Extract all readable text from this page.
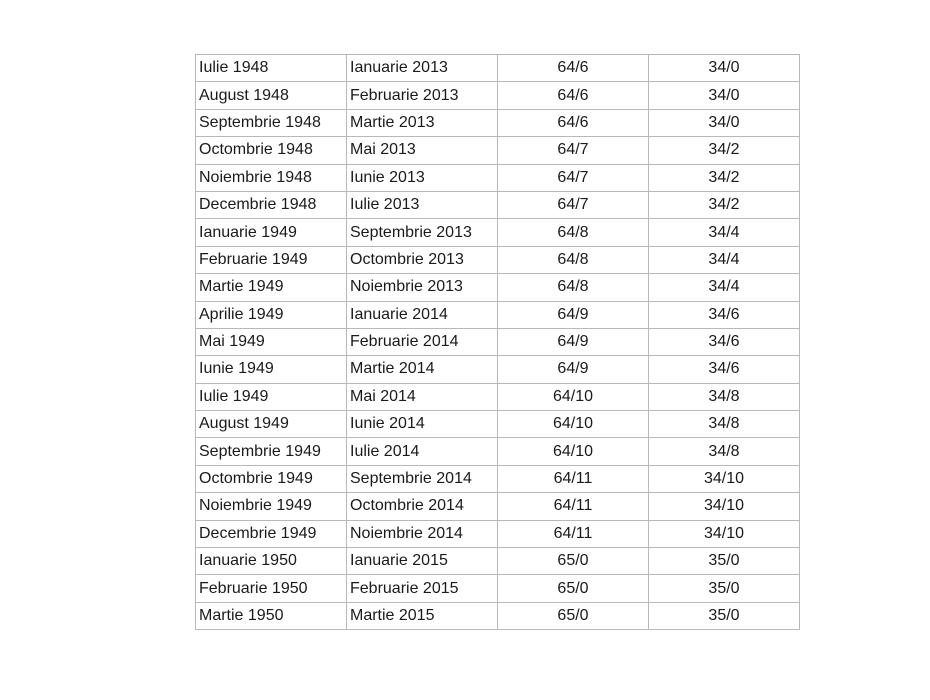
Iulie 1948	Ianuarie 2013	64/6	34/0
August 1948	Februarie 2013	64/6	34/0
Septembrie 1948	Martie 2013	64/6	34/0
Octombrie 1948	Mai 2013	64/7	34/2
Noiembrie 1948	Iunie 2013	64/7	34/2
Decembrie 1948	Iulie 2013	64/7	34/2
Ianuarie 1949	Septembrie 2013	64/8	34/4
Februarie 1949	Octombrie 2013	64/8	34/4
Martie 1949	Noiembrie 2013	64/8	34/4
Aprilie 1949	Ianuarie 2014	64/9	34/6
Mai 1949	Februarie 2014	64/9	34/6
Iunie 1949	Martie 2014	64/9	34/6
Iulie 1949	Mai 2014	64/10	34/8
August 1949	Iunie 2014	64/10	34/8
Septembrie 1949	Iulie 2014	64/10	34/8
Octombrie 1949	Septembrie 2014	64/11	34/10
Noiembrie 1949	Octombrie 2014	64/11	34/10
Decembrie 1949	Noiembrie 2014	64/11	34/10
Ianuarie 1950	Ianuarie 2015	65/0	35/0
Februarie 1950	Februarie 2015	65/0	35/0
Martie 1950	Martie 2015	65/0	35/0
